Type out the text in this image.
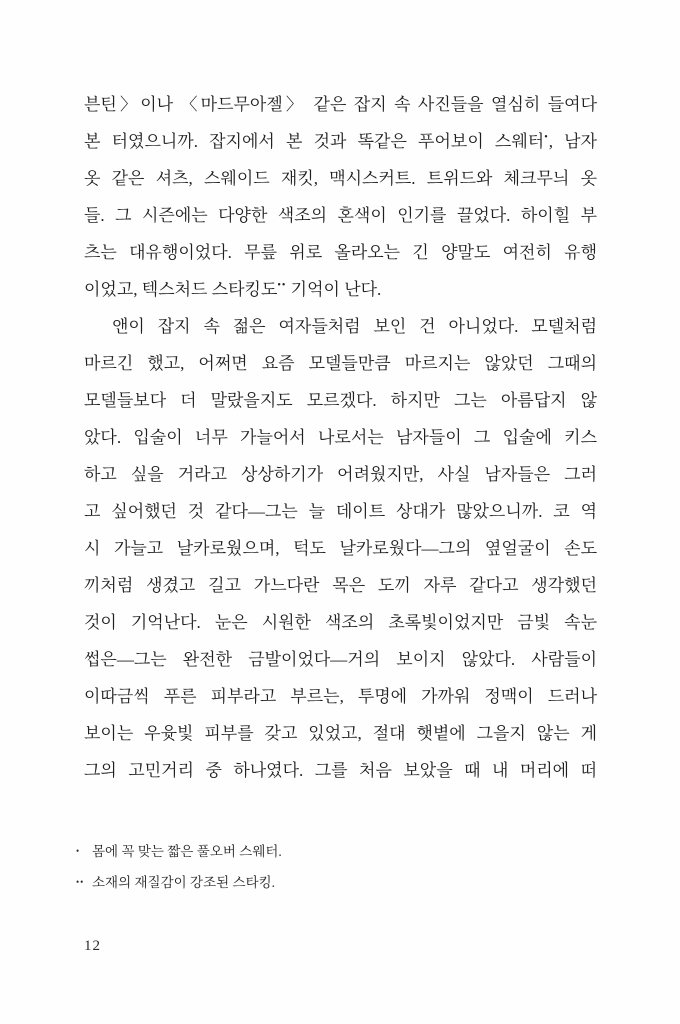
븐틴〉이나 〈마드무아젤〉 같은 잡지 속 사진들을 열심히 들여다
본 터였으니까. 잡지에서 본 것과 똑같은 푸어보이 스웨터•, 남자
옷 같은 셔츠, 스웨이드 재킷, 맥시스커트. 트위드와 체크무늬 옷
들. 그 시즌에는 다양한 색조의 혼색이 인기를 끌었다. 하이힐 부
츠는 대유행이었다. 무릎 위로 올라오는 긴 양말도 여전히 유행
이었고, 텍스처드 스타킹도•• 기억이 난다.
앤이 잡지 속 젊은 여자들처럼 보인 건 아니었다. 모델처럼
마르긴 했고, 어쩌면 요즘 모델들만큼 마르지는 않았던 그때의
모델들보다 더 말랐을지도 모르겠다. 하지만 그는 아름답지 않
았다. 입술이 너무 가늘어서 나로서는 남자들이 그 입술에 키스
하고 싶을 거라고 상상하기가 어려웠지만, 사실 남자들은 그러
고 싶어했던 것 같다—그는 늘 데이트 상대가 많았으니까. 코 역
시 가늘고 날카로웠으며, 턱도 날카로웠다—그의 옆얼굴이 손도
끼처럼 생겼고 길고 가느다란 목은 도끼 자루 같다고 생각했던
것이 기억난다. 눈은 시원한 색조의 초록빛이었지만 금빛 속눈
썹은—그는 완전한 금발이었다—거의 보이지 않았다. 사람들이
이따금씩 푸른 피부라고 부르는, 투명에 가까워 정맥이 드러나
보이는 우윳빛 피부를 갖고 있었고, 절대 햇볕에 그을지 않는 게
그의 고민거리 중 하나였다. 그를 처음 보았을 때 내 머리에 떠
• 몸에 꼭 맞는 짧은 풀오버 스웨터.
•• 소재의 재질감이 강조된 스타킹.
12
